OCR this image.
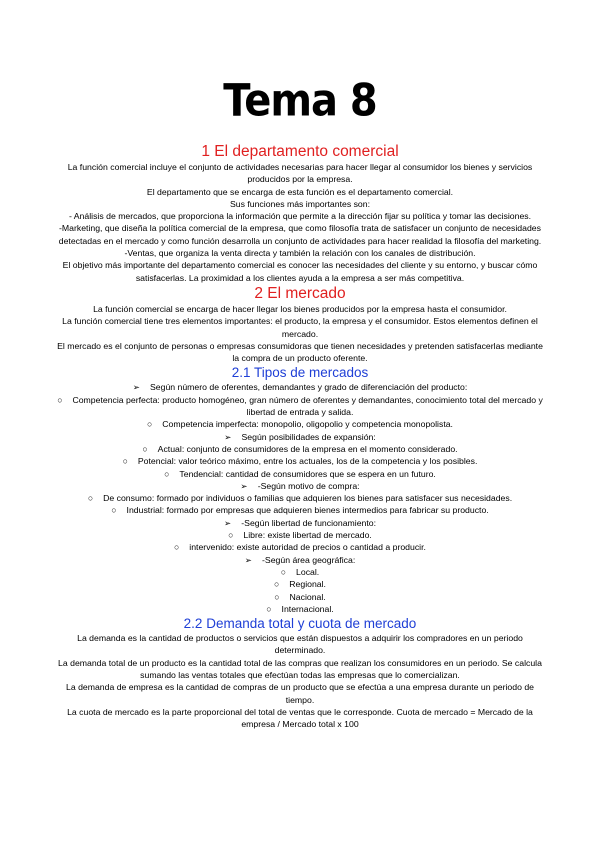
Tema 8
1 El departamento comercial

La función comercial incluye el conjunto de actividades necesarias para hacer llegar al consumidor los bienes y servicios producidos por la empresa.

El departamento que se encarga de esta función es el departamento comercial.

Sus funciones más importantes son:

- Análisis de mercados, que proporciona la información que permite a la dirección fijar su política y tomar las decisiones.

-Marketing, que diseña la política comercial de la empresa, que como filosofía trata de satisfacer un conjunto de necesidades detectadas en el mercado y como función desarrolla un conjunto de actividades para hacer realidad la filosofía del marketing.

-Ventas, que organiza la venta directa y también la relación con los canales de distribución.

El objetivo más importante del departamento comercial es conocer las necesidades del cliente y su entorno, y buscar cómo satisfacerlas. La proximidad a los clientes ayuda a la empresa a ser más competitiva.

2 El mercado

La función comercial se encarga de hacer llegar los bienes producidos por la empresa hasta el consumidor.

La función comercial tiene tres elementos importantes: el producto, la empresa y el consumidor. Estos elementos definen el mercado.

El mercado es el conjunto de personas o empresas consumidoras que tienen necesidades y pretenden satisfacerlas mediante la compra de un producto oferente.

2.1 Tipos de mercados
➢ Según número de oferentes, demandantes y grado de diferenciación del producto:
○ Competencia perfecta: producto homogéneo, gran número de oferentes y demandantes, conocimiento total del mercado y libertad de entrada y salida.
○ Competencia imperfecta: monopolio, oligopolio y competencia monopolista.
➢ Según posibilidades de expansión:
○ Actual: conjunto de consumidores de la empresa en el momento considerado.
○ Potencial: valor teórico máximo, entre los actuales, los de la competencia y los posibles.
○ Tendencial: cantidad de consumidores que se espera en un futuro.
➢ -Según motivo de compra:
○ De consumo: formado por individuos o familias que adquieren los bienes para satisfacer sus necesidades.
○ Industrial: formado por empresas que adquieren bienes intermedios para fabricar su producto.
➢ -Según libertad de funcionamiento:
○ Libre: existe libertad de mercado.
○ intervenido: existe autoridad de precios o cantidad a producir.
➢ -Según área geográfica:
○ Local.
○ Regional.
○ Nacional.
○ Internacional.
2.2 Demanda total y cuota de mercado

La demanda es la cantidad de productos o servicios que están dispuestos a adquirir los compradores en un periodo determinado.

La demanda total de un producto es la cantidad total de las compras que realizan los consumidores en un periodo. Se calcula sumando las ventas totales que efectúan todas las empresas que lo comercializan.

La demanda de empresa es la cantidad de compras de un producto que se efectúa a una empresa durante un periodo de tiempo.

La cuota de mercado es la parte proporcional del total de ventas que le corresponde. Cuota de mercado = Mercado de la empresa / Mercado total x 100
